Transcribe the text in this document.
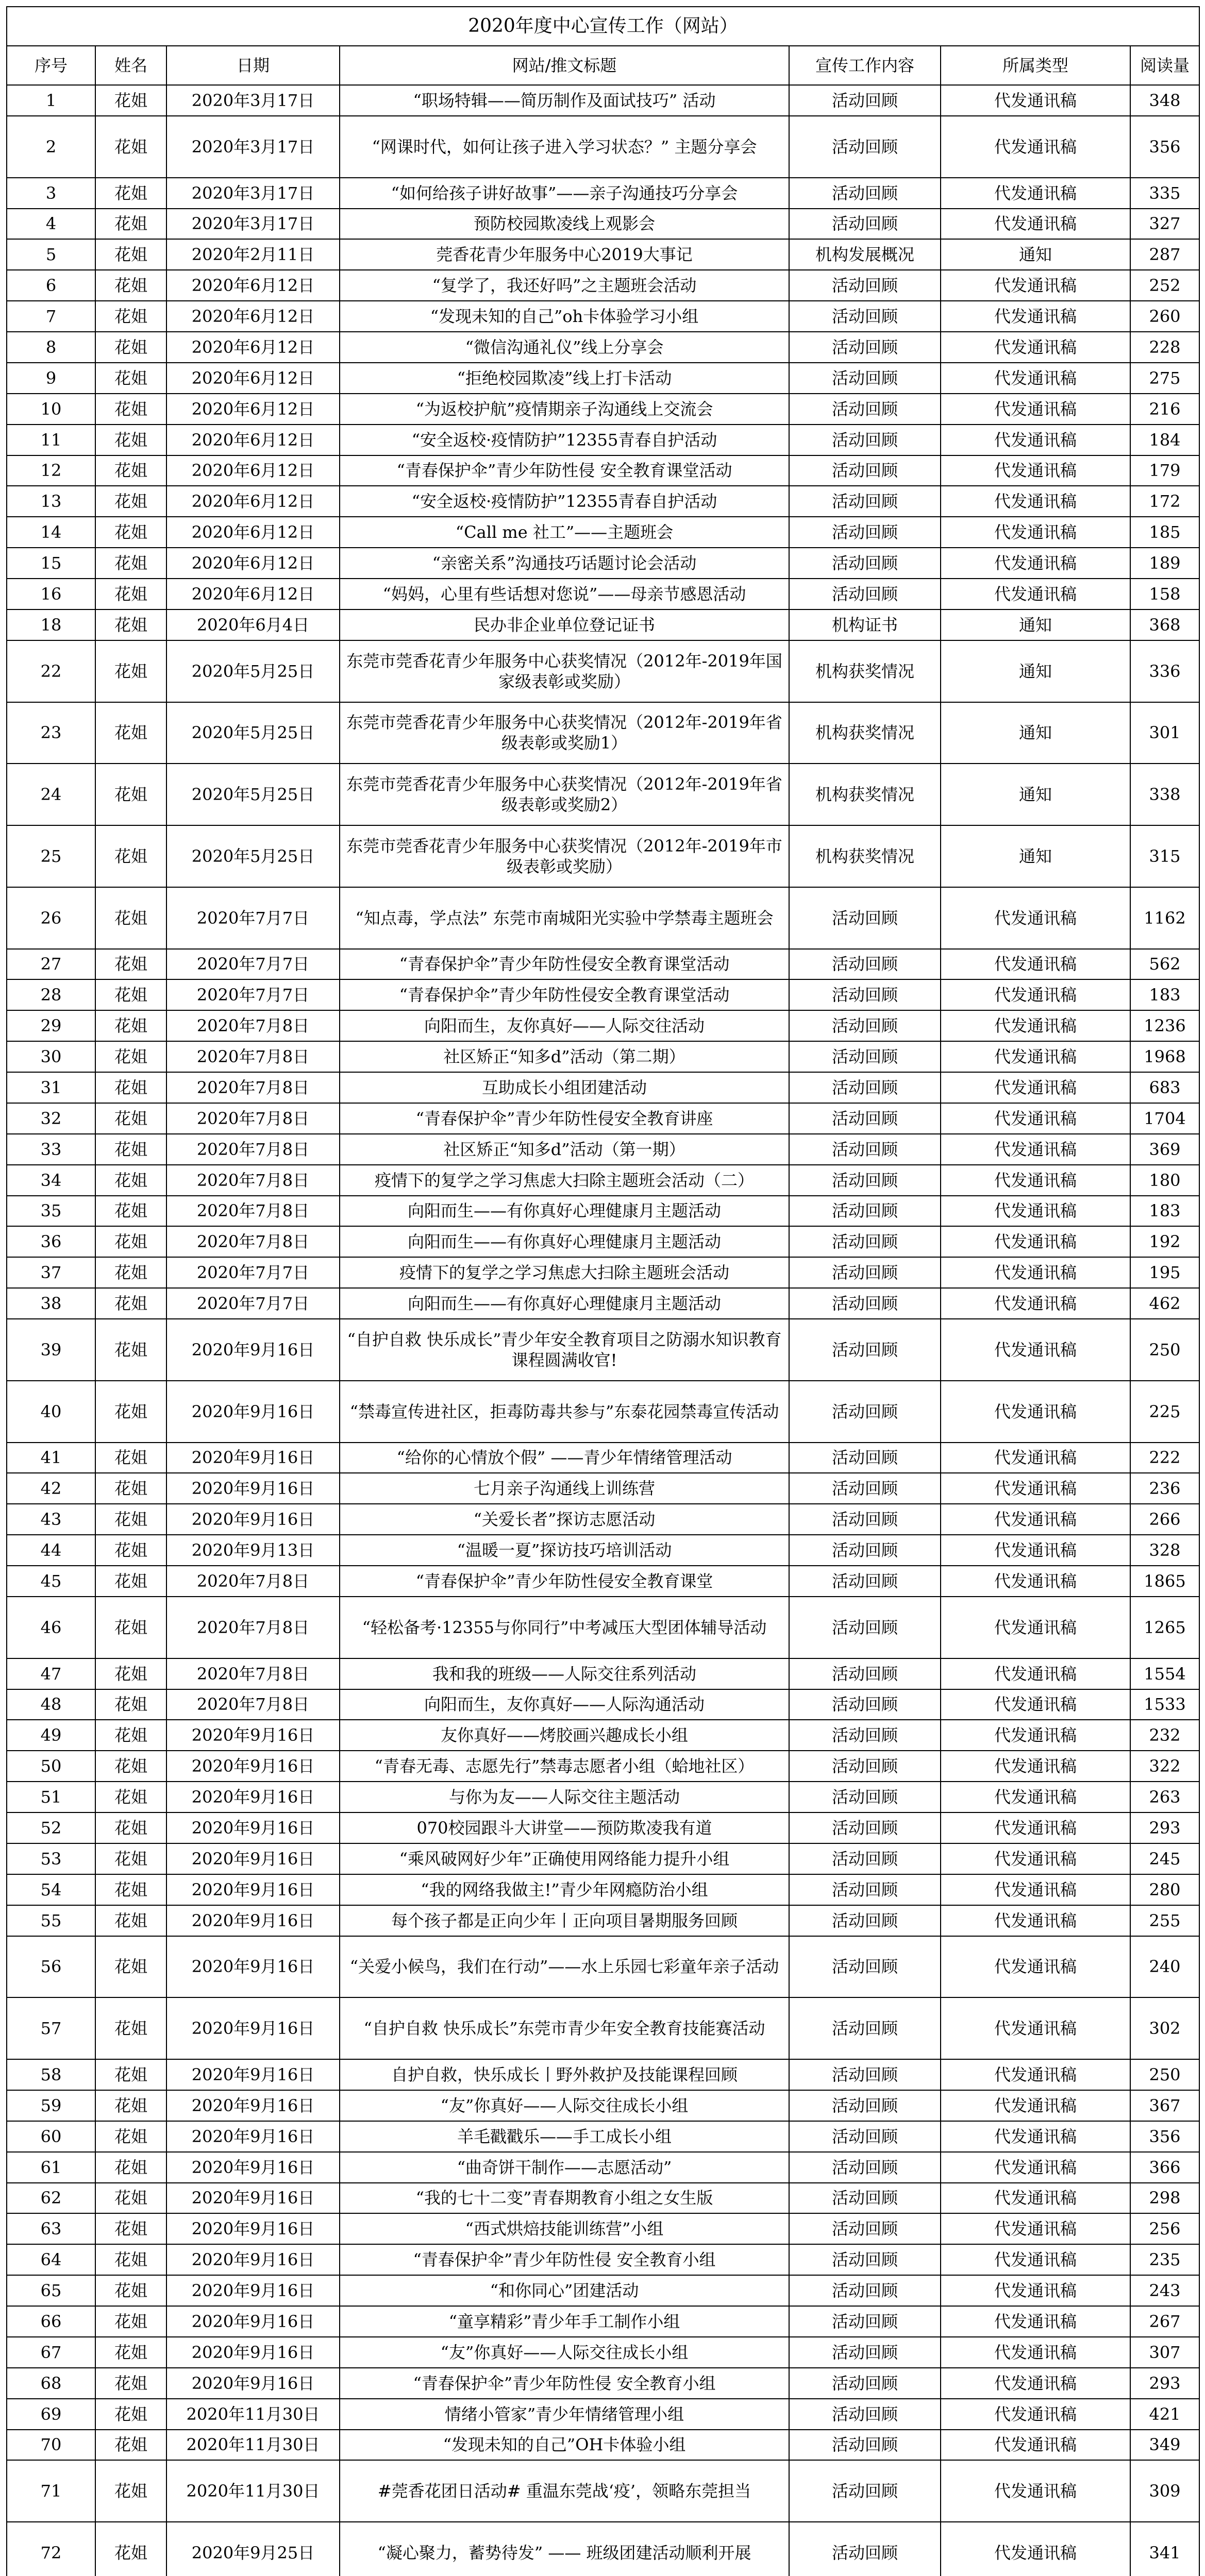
2020年度中心宣传工作（网站）						
序号	姓名	日期	网站/推文标题	宣传工作内容	所属类型	阅读量
1	花姐	2020年3月17日	“职场特辑——简历制作及面试技巧” 活动	活动回顾	代发通讯稿	348
2	花姐	2020年3月17日	“网课时代，如何让孩子进入学习状态？” 主题分享会	活动回顾	代发通讯稿	356
3	花姐	2020年3月17日	“如何给孩子讲好故事”——亲子沟通技巧分享会	活动回顾	代发通讯稿	335
4	花姐	2020年3月17日	预防校园欺凌线上观影会	活动回顾	代发通讯稿	327
5	花姐	2020年2月11日	莞香花青少年服务中心2019大事记	机构发展概况	通知	287
6	花姐	2020年6月12日	“复学了，我还好吗”之主题班会活动	活动回顾	代发通讯稿	252
7	花姐	2020年6月12日	“发现未知的自己”oh卡体验学习小组	活动回顾	代发通讯稿	260
8	花姐	2020年6月12日	“微信沟通礼仪”线上分享会	活动回顾	代发通讯稿	228
9	花姐	2020年6月12日	“拒绝校园欺凌”线上打卡活动	活动回顾	代发通讯稿	275
10	花姐	2020年6月12日	“为返校护航”疫情期亲子沟通线上交流会	活动回顾	代发通讯稿	216
11	花姐	2020年6月12日	“安全返校·疫情防护”12355青春自护活动	活动回顾	代发通讯稿	184
12	花姐	2020年6月12日	“青春保护伞”青少年防性侵 安全教育课堂活动	活动回顾	代发通讯稿	179
13	花姐	2020年6月12日	“安全返校·疫情防护”12355青春自护活动	活动回顾	代发通讯稿	172
14	花姐	2020年6月12日	“Call me 社工”——主题班会	活动回顾	代发通讯稿	185
15	花姐	2020年6月12日	“亲密关系”沟通技巧话题讨论会活动	活动回顾	代发通讯稿	189
16	花姐	2020年6月12日	“妈妈，心里有些话想对您说”——母亲节感恩活动	活动回顾	代发通讯稿	158
18	花姐	2020年6月4日	民办非企业单位登记证书	机构证书	通知	368
22	花姐	2020年5月25日	东莞市莞香花青少年服务中心获奖情况（2012年-2019年国家级表彰或奖励）	机构获奖情况	通知	336
23	花姐	2020年5月25日	东莞市莞香花青少年服务中心获奖情况（2012年-2019年省级表彰或奖励1）	机构获奖情况	通知	301
24	花姐	2020年5月25日	东莞市莞香花青少年服务中心获奖情况（2012年-2019年省级表彰或奖励2）	机构获奖情况	通知	338
25	花姐	2020年5月25日	东莞市莞香花青少年服务中心获奖情况（2012年-2019年市级表彰或奖励）	机构获奖情况	通知	315
26	花姐	2020年7月7日	“知点毒，学点法” 东莞市南城阳光实验中学禁毒主题班会	活动回顾	代发通讯稿	1162
27	花姐	2020年7月7日	“青春保护伞”青少年防性侵安全教育课堂活动	活动回顾	代发通讯稿	562
28	花姐	2020年7月7日	“青春保护伞”青少年防性侵安全教育课堂活动	活动回顾	代发通讯稿	183
29	花姐	2020年7月8日	向阳而生，友你真好——人际交往活动	活动回顾	代发通讯稿	1236
30	花姐	2020年7月8日	社区矫正“知多d”活动（第二期）	活动回顾	代发通讯稿	1968
31	花姐	2020年7月8日	互助成长小组团建活动	活动回顾	代发通讯稿	683
32	花姐	2020年7月8日	“青春保护伞”青少年防性侵安全教育讲座	活动回顾	代发通讯稿	1704
33	花姐	2020年7月8日	社区矫正“知多d”活动（第一期）	活动回顾	代发通讯稿	369
34	花姐	2020年7月8日	疫情下的复学之学习焦虑大扫除主题班会活动（二）	活动回顾	代发通讯稿	180
35	花姐	2020年7月8日	向阳而生——有你真好心理健康月主题活动	活动回顾	代发通讯稿	183
36	花姐	2020年7月8日	向阳而生——有你真好心理健康月主题活动	活动回顾	代发通讯稿	192
37	花姐	2020年7月7日	疫情下的复学之学习焦虑大扫除主题班会活动	活动回顾	代发通讯稿	195
38	花姐	2020年7月7日	向阳而生——有你真好心理健康月主题活动	活动回顾	代发通讯稿	462
39	花姐	2020年9月16日	“自护自救 快乐成长”青少年安全教育项目之防溺水知识教育课程圆满收官!	活动回顾	代发通讯稿	250
40	花姐	2020年9月16日	“禁毒宣传进社区，拒毒防毒共参与”东泰花园禁毒宣传活动	活动回顾	代发通讯稿	225
41	花姐	2020年9月16日	“给你的心情放个假” ——青少年情绪管理活动	活动回顾	代发通讯稿	222
42	花姐	2020年9月16日	七月亲子沟通线上训练营	活动回顾	代发通讯稿	236
43	花姐	2020年9月16日	“关爱长者”探访志愿活动	活动回顾	代发通讯稿	266
44	花姐	2020年9月13日	“温暖一夏”探访技巧培训活动	活动回顾	代发通讯稿	328
45	花姐	2020年7月8日	“青春保护伞”青少年防性侵安全教育课堂	活动回顾	代发通讯稿	1865
46	花姐	2020年7月8日	“轻松备考·12355与你同行”中考减压大型团体辅导活动	活动回顾	代发通讯稿	1265
47	花姐	2020年7月8日	我和我的班级——人际交往系列活动	活动回顾	代发通讯稿	1554
48	花姐	2020年7月8日	向阳而生，友你真好——人际沟通活动	活动回顾	代发通讯稿	1533
49	花姐	2020年9月16日	友你真好——烤胶画兴趣成长小组	活动回顾	代发通讯稿	232
50	花姐	2020年9月16日	“青春无毒、志愿先行”禁毒志愿者小组（蛤地社区）	活动回顾	代发通讯稿	322
51	花姐	2020年9月16日	与你为友——人际交往主题活动	活动回顾	代发通讯稿	263
52	花姐	2020年9月16日	070校园跟斗大讲堂——预防欺凌我有道	活动回顾	代发通讯稿	293
53	花姐	2020年9月16日	“乘风破网好少年”正确使用网络能力提升小组	活动回顾	代发通讯稿	245
54	花姐	2020年9月16日	“我的网络我做主!”青少年网瘾防治小组	活动回顾	代发通讯稿	280
55	花姐	2020年9月16日	每个孩子都是正向少年丨正向项目暑期服务回顾	活动回顾	代发通讯稿	255
56	花姐	2020年9月16日	“关爱小候鸟，我们在行动”——水上乐园七彩童年亲子活动	活动回顾	代发通讯稿	240
57	花姐	2020年9月16日	“自护自救 快乐成长”东莞市青少年安全教育技能赛活动	活动回顾	代发通讯稿	302
58	花姐	2020年9月16日	自护自救，快乐成长丨野外救护及技能课程回顾	活动回顾	代发通讯稿	250
59	花姐	2020年9月16日	“友”你真好——人际交往成长小组	活动回顾	代发通讯稿	367
60	花姐	2020年9月16日	羊毛戳戳乐——手工成长小组	活动回顾	代发通讯稿	356
61	花姐	2020年9月16日	“曲奇饼干制作——志愿活动”	活动回顾	代发通讯稿	366
62	花姐	2020年9月16日	“我的七十二变”青春期教育小组之女生版	活动回顾	代发通讯稿	298
63	花姐	2020年9月16日	“西式烘焙技能训练营”小组	活动回顾	代发通讯稿	256
64	花姐	2020年9月16日	“青春保护伞”青少年防性侵 安全教育小组	活动回顾	代发通讯稿	235
65	花姐	2020年9月16日	“和你同心”团建活动	活动回顾	代发通讯稿	243
66	花姐	2020年9月16日	“童享精彩”青少年手工制作小组	活动回顾	代发通讯稿	267
67	花姐	2020年9月16日	“友”你真好——人际交往成长小组	活动回顾	代发通讯稿	307
68	花姐	2020年9月16日	“青春保护伞”青少年防性侵 安全教育小组	活动回顾	代发通讯稿	293
69	花姐	2020年11月30日	情绪小管家”青少年情绪管理小组	活动回顾	代发通讯稿	421
70	花姐	2020年11月30日	“发现未知的自己”OH卡体验小组	活动回顾	代发通讯稿	349
71	花姐	2020年11月30日	#莞香花团日活动# 重温东莞战‘疫’，领略东莞担当	活动回顾	代发通讯稿	309
72	花姐	2020年9月25日	“凝心聚力，蓄势待发” —— 班级团建活动顺利开展	活动回顾	代发通讯稿	341
